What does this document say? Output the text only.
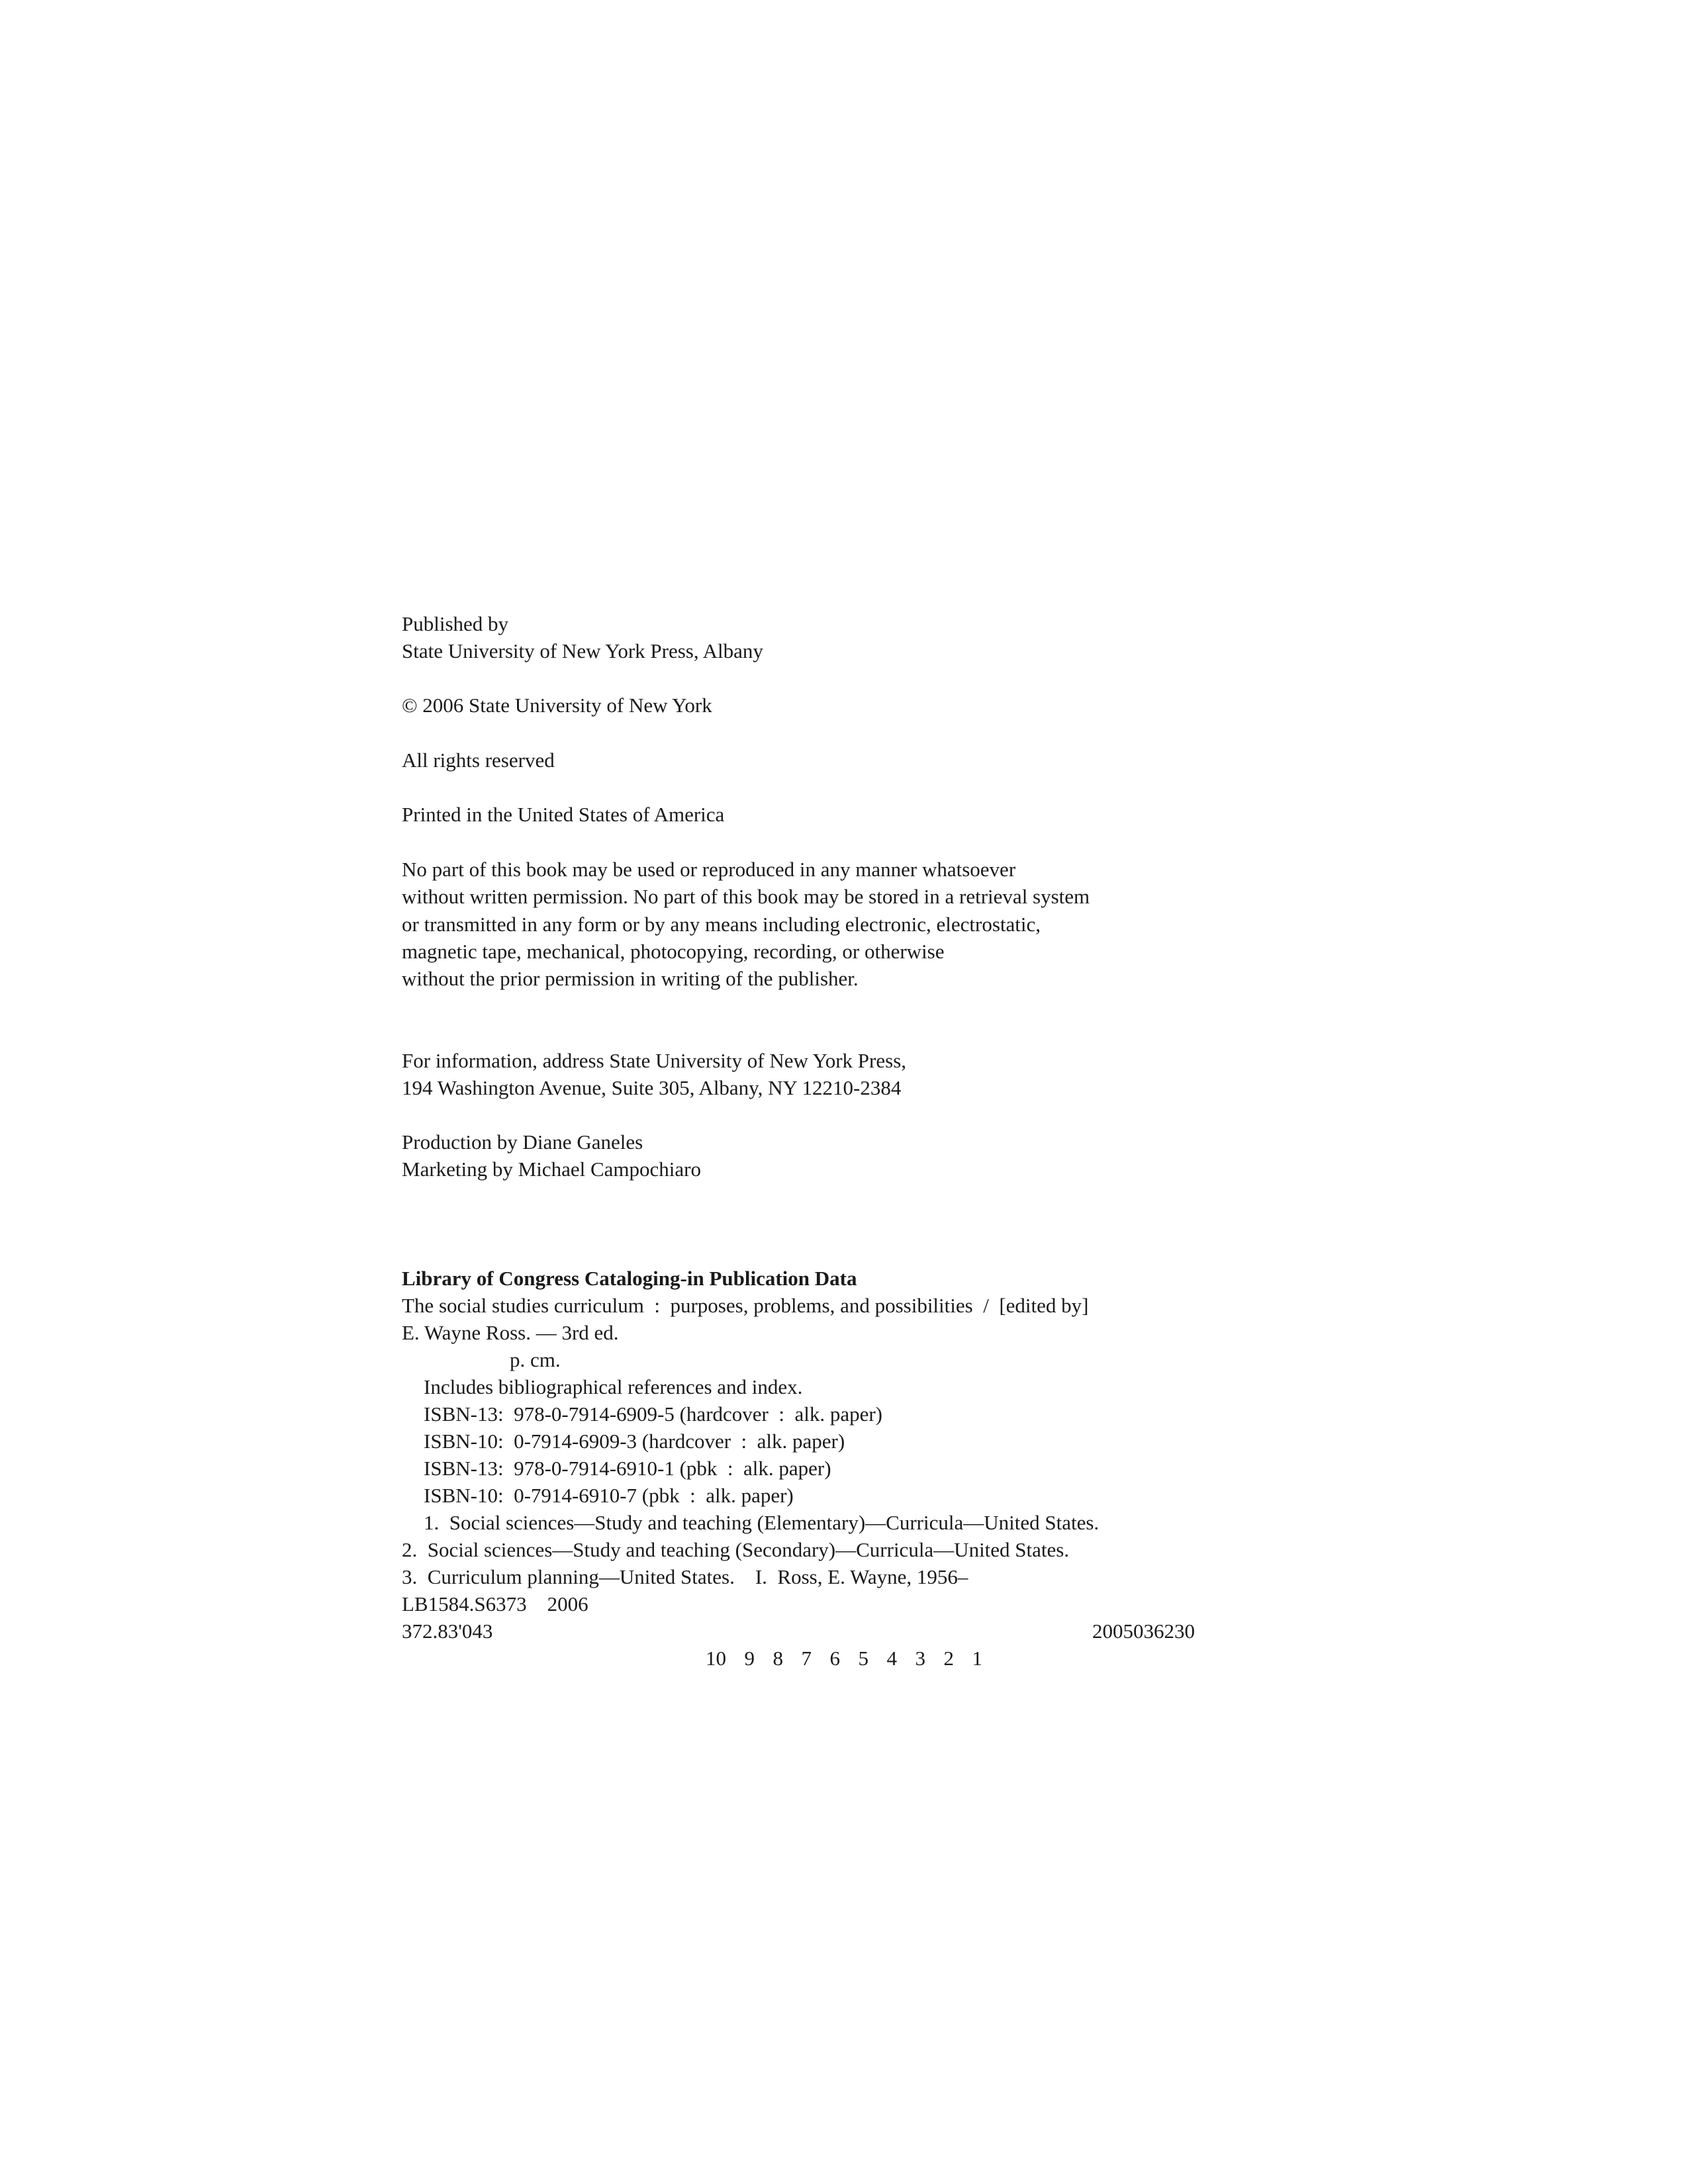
Published by
State University of New York Press, Albany
© 2006 State University of New York
All rights reserved
Printed in the United States of America
No part of this book may be used or reproduced in any manner whatsoever
without written permission. No part of this book may be stored in a retrieval system
or transmitted in any form or by any means including electronic, electrostatic,
magnetic tape, mechanical, photocopying, recording, or otherwise
without the prior permission in writing of the publisher.
For information, address State University of New York Press,
194 Washington Avenue, Suite 305, Albany, NY 12210-2384
Production by Diane Ganeles
Marketing by Michael Campochiaro
Library of Congress Cataloging-in Publication Data
The social studies curriculum  :  purposes, problems, and possibilities  /  [edited by]
E. Wayne Ross. — 3rd ed.
p. cm.
Includes bibliographical references and index.
ISBN-13:  978-0-7914-6909-5 (hardcover  :  alk. paper)
ISBN-10:  0-7914-6909-3 (hardcover  :  alk. paper)
ISBN-13:  978-0-7914-6910-1 (pbk  :  alk. paper)
ISBN-10:  0-7914-6910-7 (pbk  :  alk. paper)
1.  Social sciences—Study and teaching (Elementary)—Curricula—United States.
2.  Social sciences—Study and teaching (Secondary)—Curricula—United States.
3.  Curriculum planning—United States.    I.  Ross, E. Wayne, 1956–
LB1584.S6373    2006
372.83'043	2005036230
10  9  8  7  6  5  4  3  2  1
